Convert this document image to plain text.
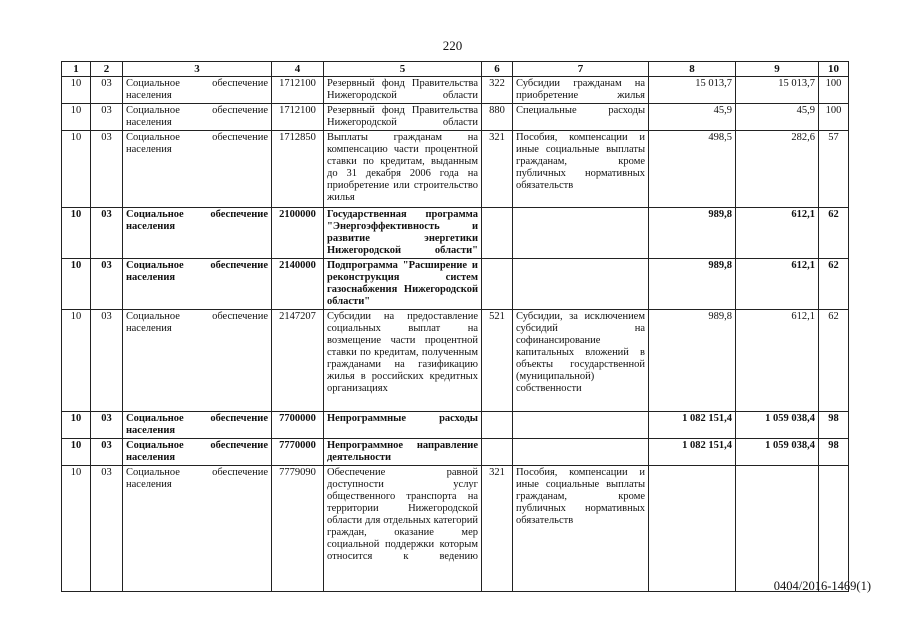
220
1	2	3	4	5	6	7	8	9	10
10	03	Социальное обеспечение населения	1712100	Резервный фонд Правительства Нижегородской области	322	Субсидии гражданам на приобретение жилья	15 013,7	15 013,7	100
10	03	Социальное обеспечение населения	1712100	Резервный фонд Правительства Нижегородской области	880	Специальные расходы	45,9	45,9	100
10	03	Социальное обеспечение населения	1712850	Выплаты гражданам на компенсацию части процентной ставки по кредитам, выданным до 31 декабря 2006 года на приобретение или строительство жилья	321	Пособия, компенсации и иные социальные выплаты гражданам, кроме публичных нормативных обязательств	498,5	282,6	57
10	03	Социальное обеспечение населения	2100000	Государственная программа "Энергоэффективность и развитие энергетики Нижегородской области"			989,8	612,1	62
10	03	Социальное обеспечение населения	2140000	Подпрограмма "Расширение и реконструкция систем газоснабжения Нижегородской области"			989,8	612,1	62
10	03	Социальное обеспечение населения	2147207	Субсидии на предоставление социальных выплат на возмещение части процентной ставки по кредитам, полученным гражданами на газификацию жилья в российских кредитных организациях	521	Субсидии, за исключением субсидий на софинансирование капитальных вложений в объекты государственной (муниципальной) собственности	989,8	612,1	62
10	03	Социальное обеспечение населения	7700000	Непрограммные расходы			1 082 151,4	1 059 038,4	98
10	03	Социальное обеспечение населения	7770000	Непрограммное направление деятельности			1 082 151,4	1 059 038,4	98
10	03	Социальное обеспечение населения	7779090	Обеспечение равной доступности услуг общественного транспорта на территории Нижегородской области для отдельных категорий граждан, оказание мер социальной поддержки которым относится к ведению	321	Пособия, компенсации и иные социальные выплаты гражданам, кроме публичных нормативных обязательств			
0404/2016-1469(1)
